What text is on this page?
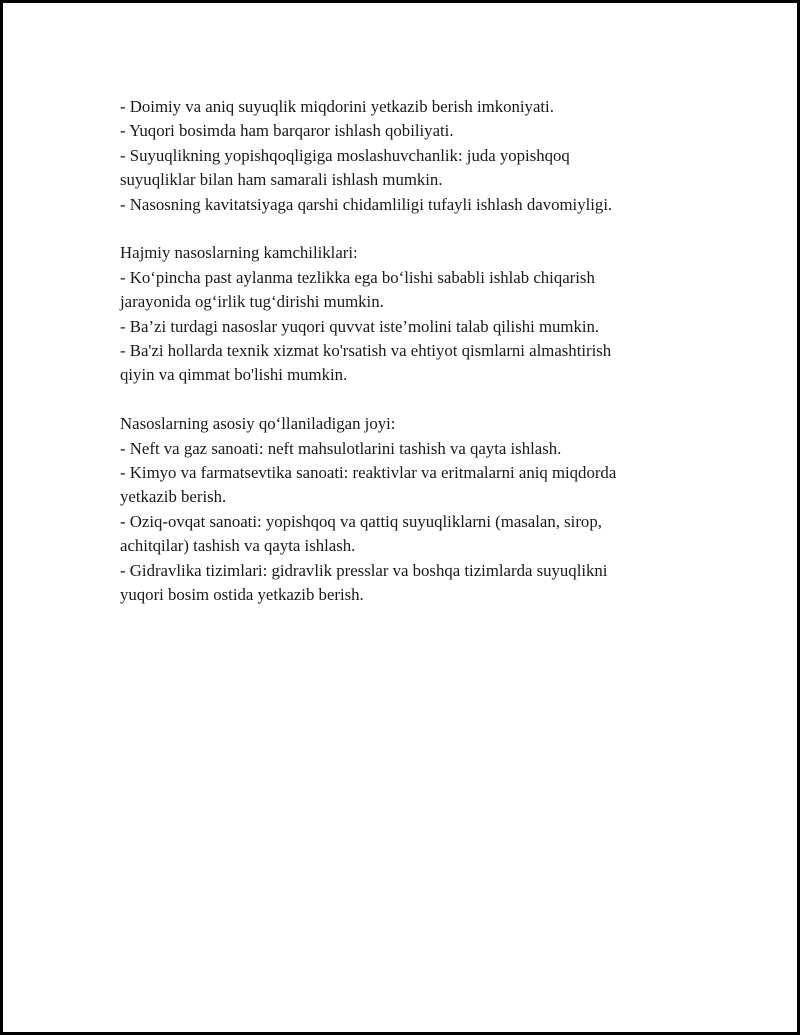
- Doimiy va aniq suyuqlik miqdorini yetkazib berish imkoniyati.
- Yuqori bosimda ham barqaror ishlash qobiliyati.
- Suyuqlikning yopishqoqligiga moslashuvchanlik: juda yopishqoq
suyuqliklar bilan ham samarali ishlash mumkin.
- Nasosning kavitatsiyaga qarshi chidamliligi tufayli ishlash davomiyligi.
Hajmiy nasoslarning kamchiliklari:
- Koʻpincha past aylanma tezlikka ega boʻlishi sababli ishlab chiqarish
jarayonida ogʻirlik tugʻdirishi mumkin.
- Ba’zi turdagi nasoslar yuqori quvvat iste’molini talab qilishi mumkin.
- Ba'zi hollarda texnik xizmat ko'rsatish va ehtiyot qismlarni almashtirish
qiyin va qimmat bo'lishi mumkin.
Nasoslarning asosiy qoʻllaniladigan joyi:
- Neft va gaz sanoati: neft mahsulotlarini tashish va qayta ishlash.
- Kimyo va farmatsevtika sanoati: reaktivlar va eritmalarni aniq miqdorda
yetkazib berish.
- Oziq-ovqat sanoati: yopishqoq va qattiq suyuqliklarni (masalan, sirop,
achitqilar) tashish va qayta ishlash.
- Gidravlika tizimlari: gidravlik presslar va boshqa tizimlarda suyuqlikni
yuqori bosim ostida yetkazib berish.
